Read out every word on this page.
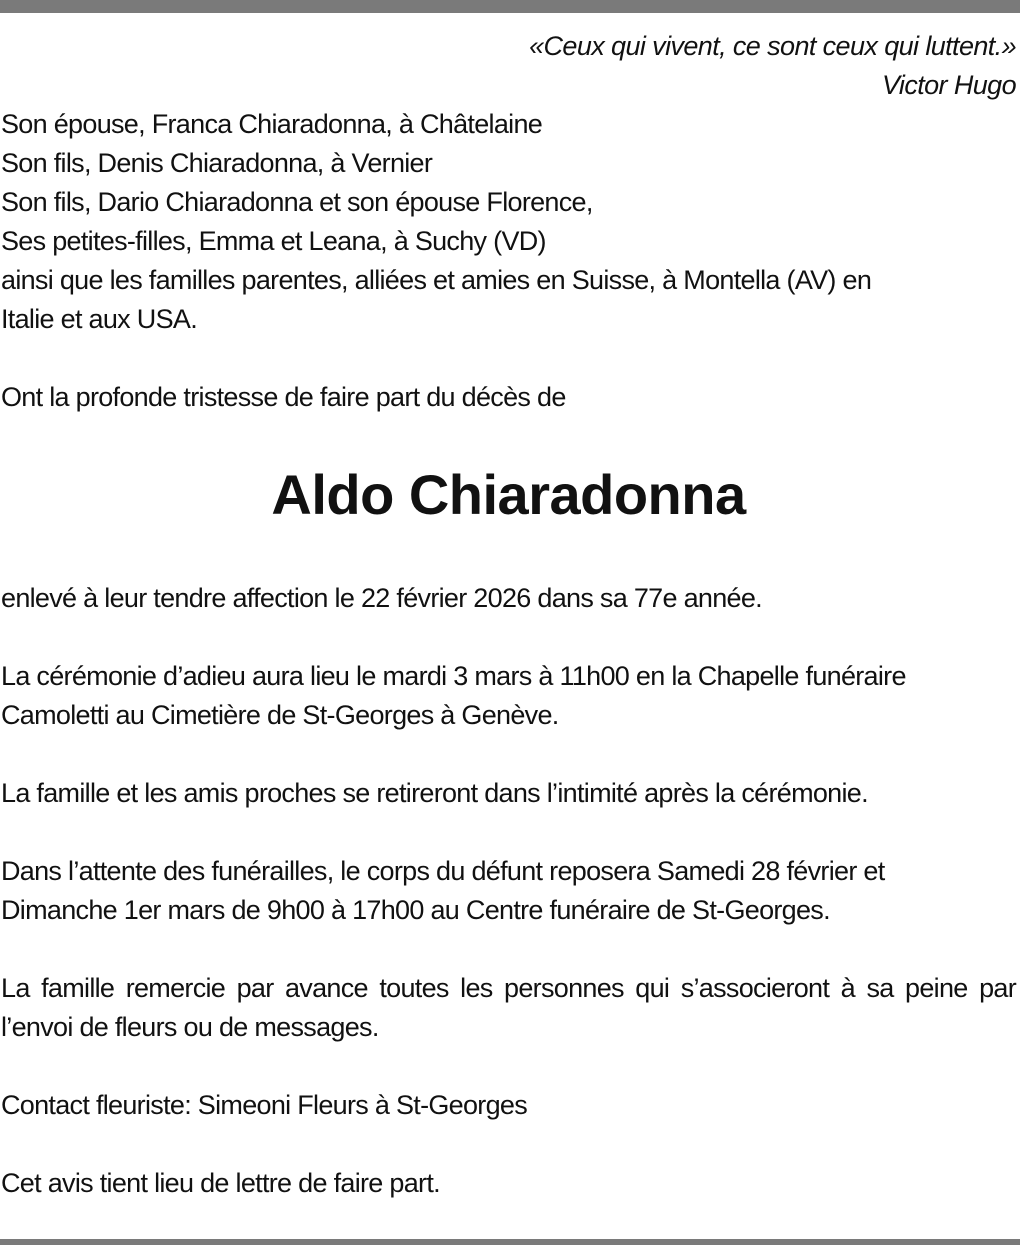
«Ceux qui vivent, ce sont ceux qui luttent.»
Victor Hugo
Son épouse, Franca Chiaradonna, à Châtelaine
Son fils, Denis Chiaradonna, à Vernier
Son fils, Dario Chiaradonna et son épouse Florence,
Ses petites-filles, Emma et Leana, à Suchy (VD)
ainsi que les familles parentes, alliées et amies en Suisse, à Montella (AV) en
Italie et aux USA.
Ont la profonde tristesse de faire part du décès de
Aldo Chiaradonna
enlevé à leur tendre affection le 22 février 2026 dans sa 77e année.
La cérémonie d’adieu aura lieu le mardi 3 mars à 11h00 en la Chapelle funéraire
Camoletti au Cimetière de St-Georges à Genève.
La famille et les amis proches se retireront dans l’intimité après la cérémonie.
Dans l’attente des funérailles, le corps du défunt reposera Samedi 28 février et
Dimanche 1er mars de 9h00 à 17h00 au Centre funéraire de St-Georges.
La famille remercie par avance toutes les personnes qui s’associeront à sa peine par l’envoi de fleurs ou de messages.
Contact fleuriste: Simeoni Fleurs à St-Georges
Cet avis tient lieu de lettre de faire part.
